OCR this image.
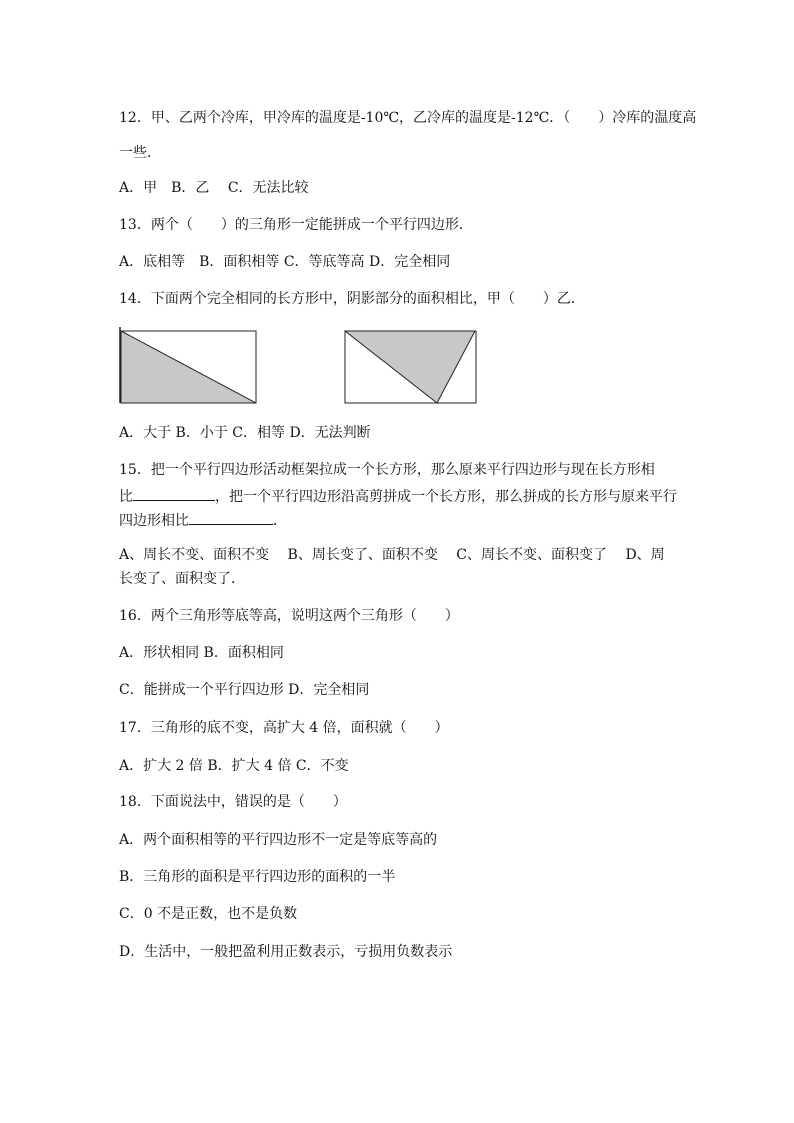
12．甲、乙两个冷库，甲冷库的温度是-10℃，乙冷库的温度是-12℃．（　　）冷库的温度高
一些．
A．甲　B．乙　 C．无法比较
13．两个（　　）的三角形一定能拼成一个平行四边形．
A．底相等　B．面积相等 C．等底等高 D．完全相同
14．下面两个完全相同的长方形中，阴影部分的面积相比，甲（　　）乙．
A．大于 B．小于 C．相等 D．无法判断
15．把一个平行四边形活动框架拉成一个长方形，那么原来平行四边形与现在长方形相
比	，把一个平行四边形沿高剪拼成一个长方形，那么拼成的长方形与原来平行
四边形相比	．
A、周长不变、面积不变　 B、周长变了、面积不变　 C、周长不变、面积变了　 D、周
长变了、面积变了．
16．两个三角形等底等高，说明这两个三角形（　　）
A．形状相同 B．面积相同
C．能拼成一个平行四边形 D．完全相同
17．三角形的底不变，高扩大 4 倍，面积就（　　）
A．扩大 2 倍 B．扩大 4 倍 C．不变
18．下面说法中，错误的是（　　）
A．两个面积相等的平行四边形不一定是等底等高的
B．三角形的面积是平行四边形的面积的一半
C．0 不是正数，也不是负数
D．生活中，一般把盈利用正数表示，亏损用负数表示
